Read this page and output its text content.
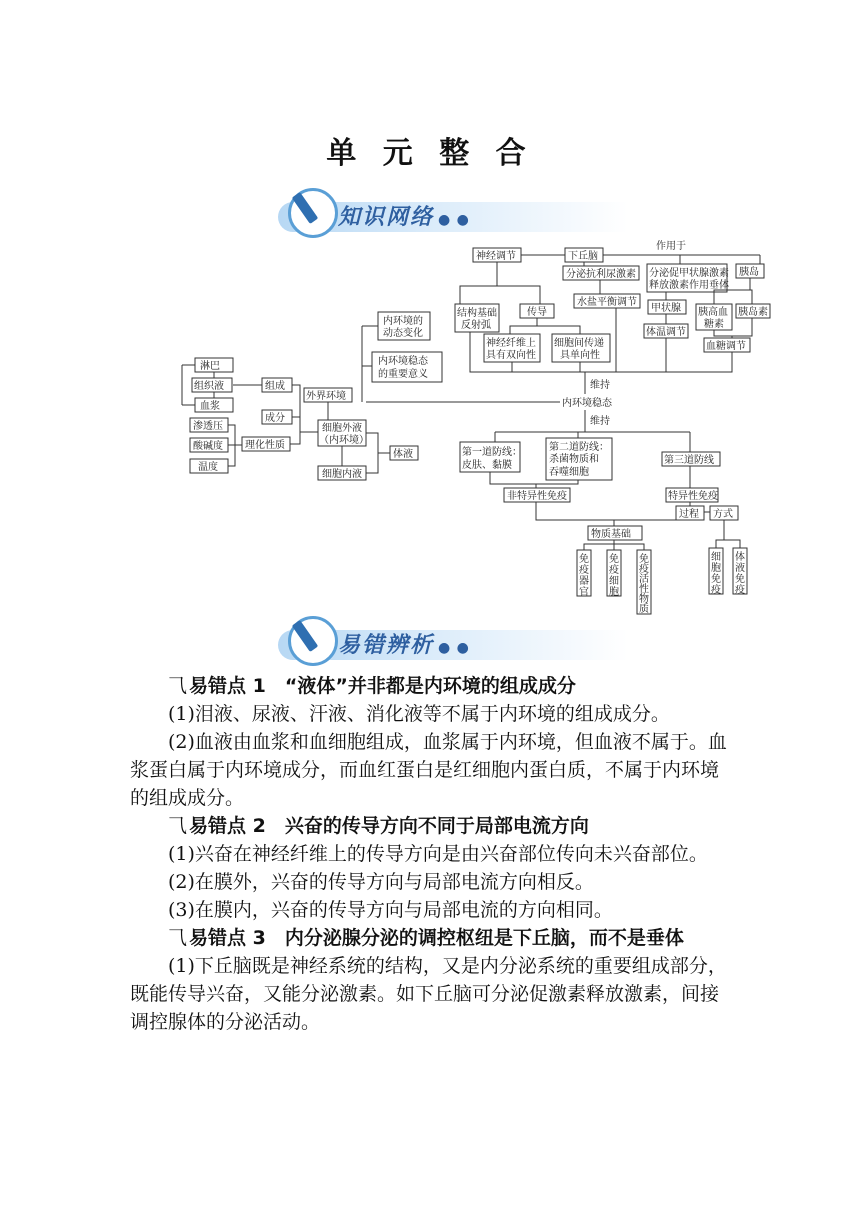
单 元 整 合
知识网络 ● ●
淋巴
组织液
血浆
组成
渗透压
酸碱度
温度
理化性质
成分
外界环境
细胞外液
（内环境）
细胞内液
体液
内环境的
动态变化
内环境稳态
的重要意义
神经调节	下丘脑
作用于
分泌抗利尿激素 分泌促甲状腺激素
释放激素作用垂体
胰岛
水盐平衡调节
甲状腺 胰高血
糖素
胰岛素
体温调节
血糖调节
结构基础
反射弧
传导
神经纤维上
具有双向性
细胞间传递
具单向性
维持
内环境稳态
维持
第一道防线：
皮肤、黏膜
第二道防线：
杀菌物质和
吞噬细胞
第三道防线
非特异性免疫	特异性免疫
过程 方式
物质基础
免疫器官
免疫细胞
免疫活性物质
细胞免疫
体液免疫
易错辨析 ● ●
⺄ 易错点 1　“液体”并非都是内环境的组成成分
(1)泪液、尿液、汗液、消化液等不属于内环境的组成成分。
(2)血液由血浆和血细胞组成，血浆属于内环境，但血液不属于。血浆蛋白属于内环境成分，而血红蛋白是红细胞内蛋白质，不属于内环境的组成成分。
⺄ 易错点 2　兴奋的传导方向不同于局部电流方向
(1)兴奋在神经纤维上的传导方向是由兴奋部位传向未兴奋部位。
(2)在膜外，兴奋的传导方向与局部电流方向相反。
(3)在膜内，兴奋的传导方向与局部电流的方向相同。
⺄ 易错点 3　内分泌腺分泌的调控枢纽是下丘脑，而不是垂体
(1)下丘脑既是神经系统的结构，又是内分泌系统的重要组成部分，既能传导兴奋，又能分泌激素。如下丘脑可分泌促激素释放激素，间接调控腺体的分泌活动。
